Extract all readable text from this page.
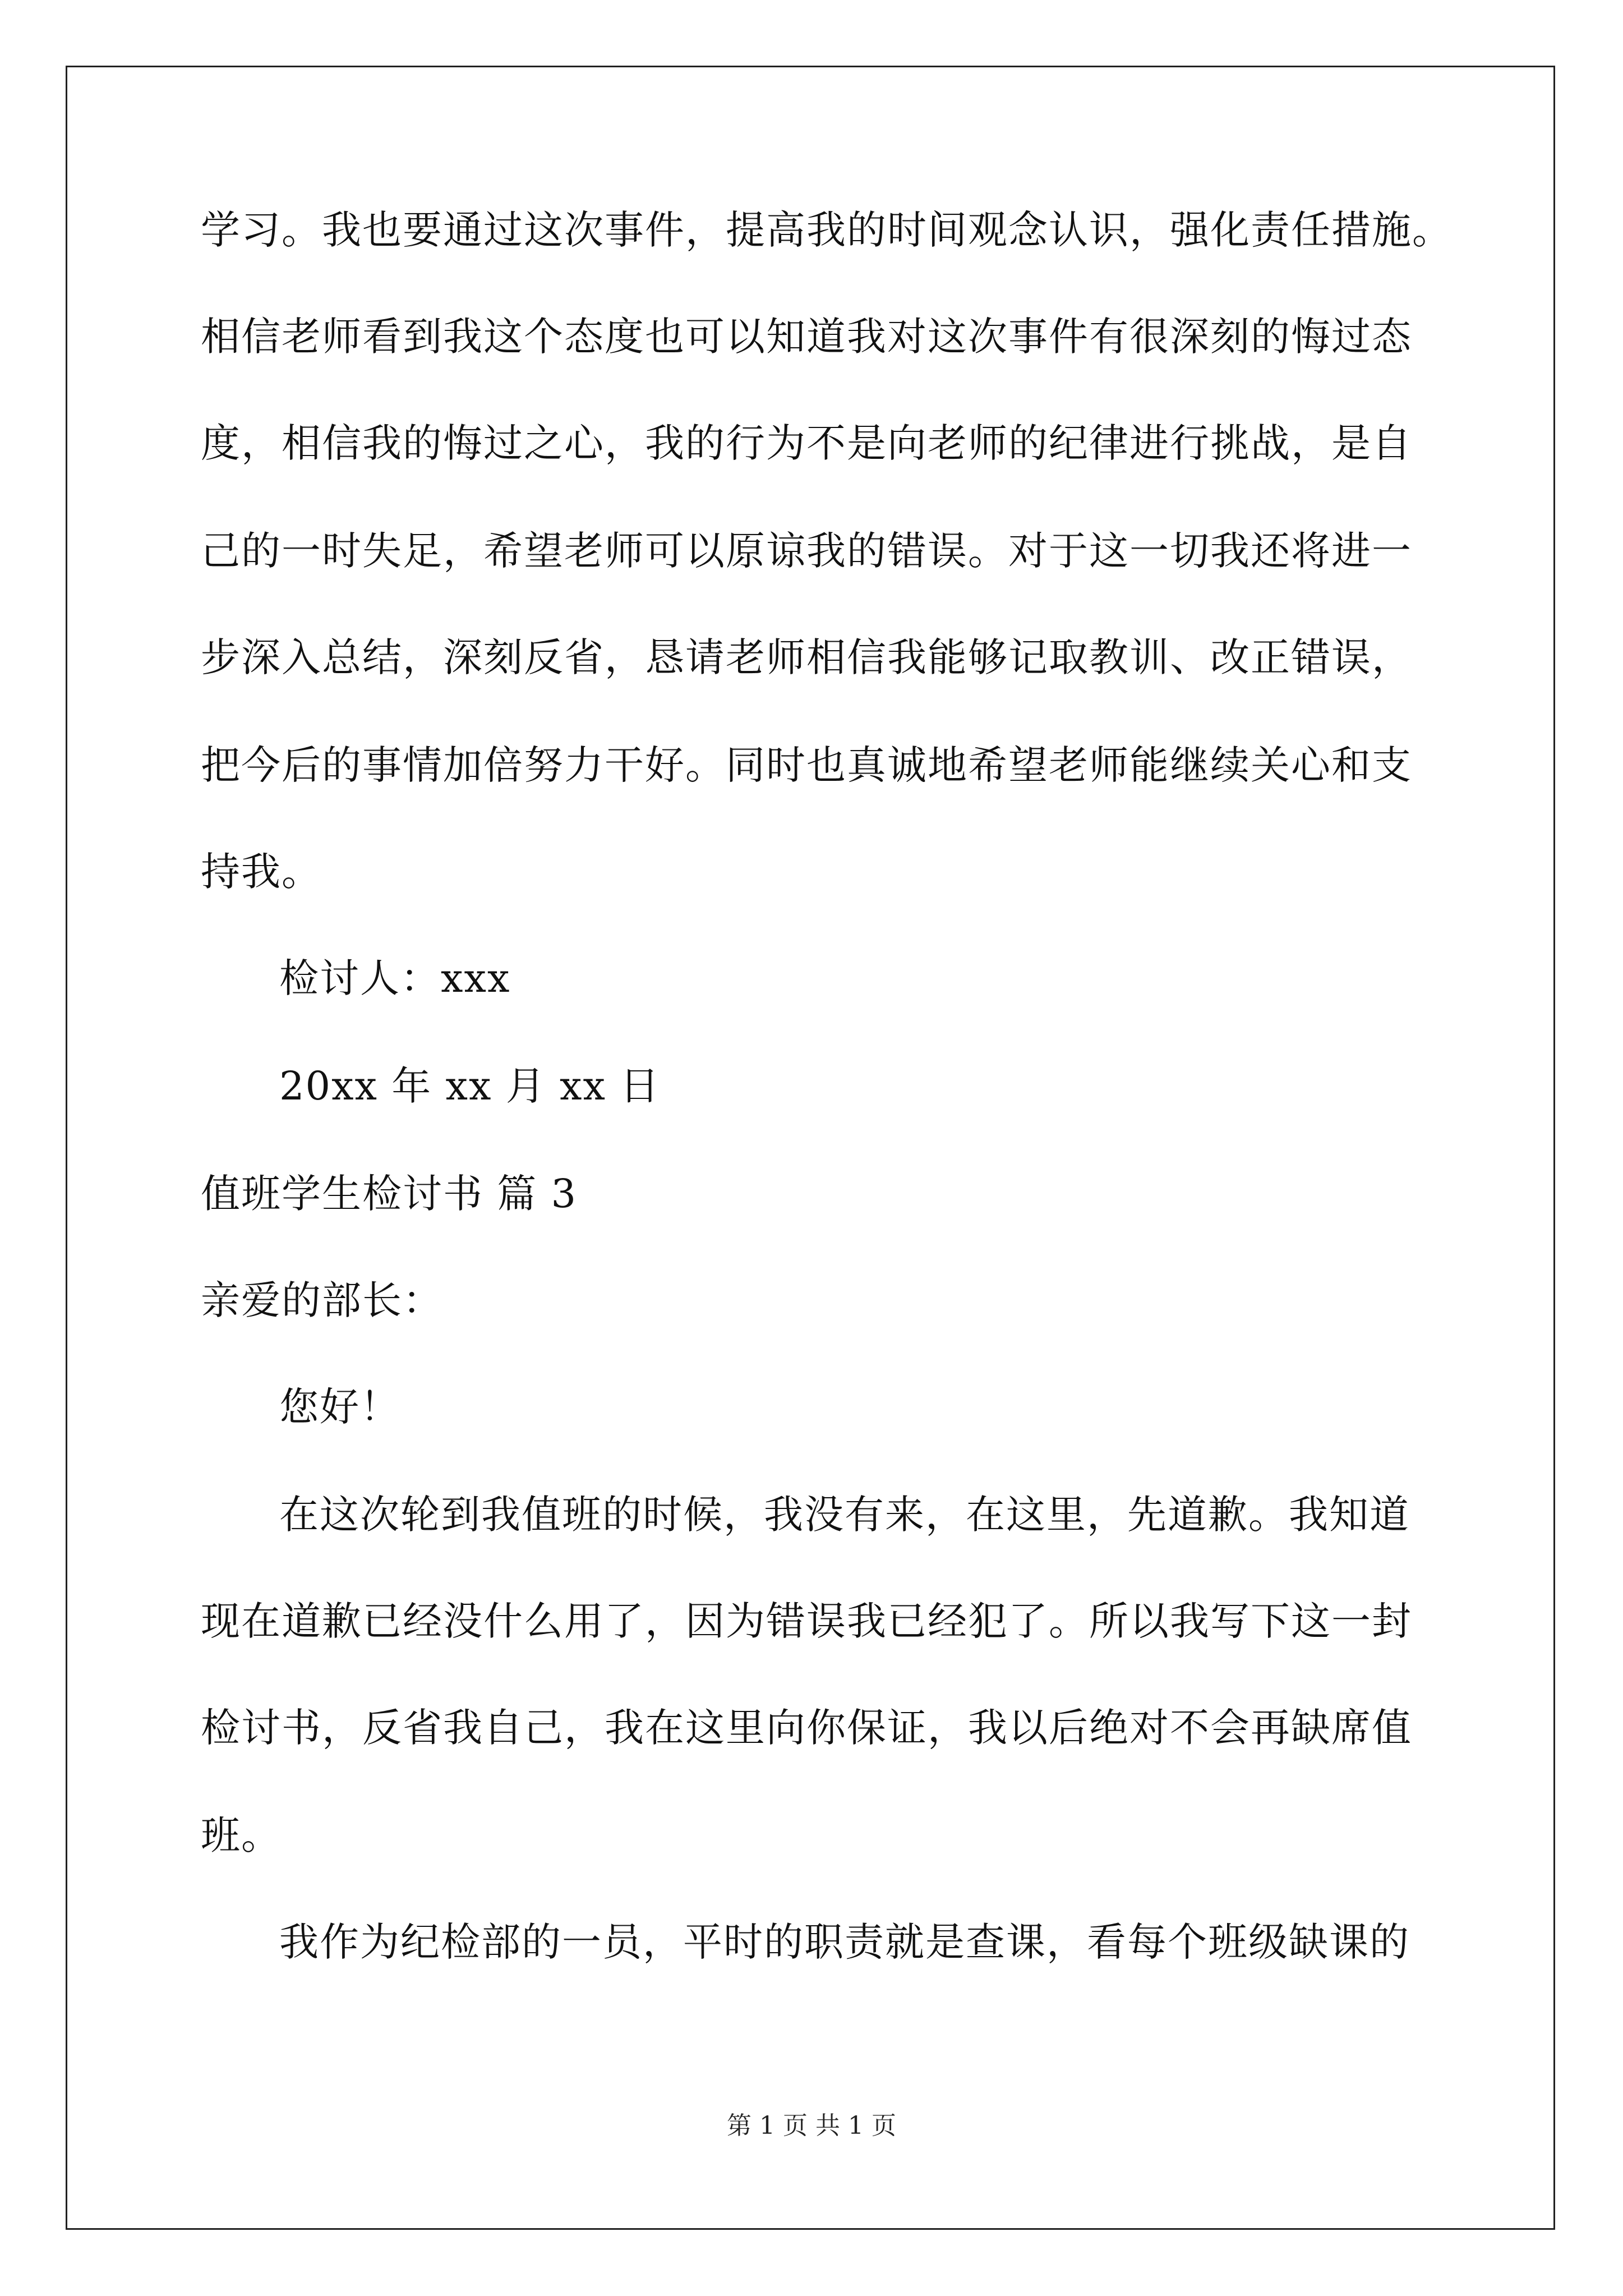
学习。我也要通过这次事件，提高我的时间观念认识，强化责任措施。
相信老师看到我这个态度也可以知道我对这次事件有很深刻的悔过态
度，相信我的悔过之心，我的行为不是向老师的纪律进行挑战，是自
己的一时失足，希望老师可以原谅我的错误。对于这一切我还将进一
步深入总结，深刻反省，恳请老师相信我能够记取教训、改正错误，
把今后的事情加倍努力干好。同时也真诚地希望老师能继续关心和支
持我。
检讨人：xxx
20xx 年 xx 月 xx 日
值班学生检讨书 篇 3
亲爱的部长：
您好！
在这次轮到我值班的时候，我没有来，在这里，先道歉。我知道
现在道歉已经没什么用了，因为错误我已经犯了。所以我写下这一封
检讨书，反省我自己，我在这里向你保证，我以后绝对不会再缺席值
班。
我作为纪检部的一员，平时的职责就是查课，看每个班级缺课的
第 1 页 共 1 页
